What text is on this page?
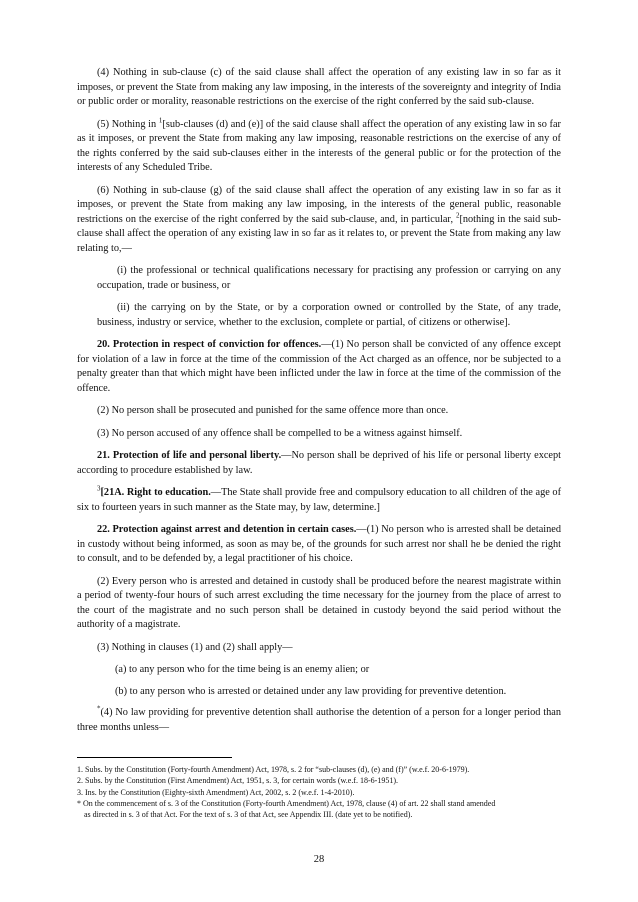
(4) Nothing in sub-clause (c) of the said clause shall affect the operation of any existing law in so far as it imposes, or prevent the State from making any law imposing, in the interests of the sovereignty and integrity of India or public order or morality, reasonable restrictions on the exercise of the right conferred by the said sub-clause.

(5) Nothing in $^1$[sub-clauses (d) and (e)] of the said clause shall affect the operation of any existing law in so far as it imposes, or prevent the State from making any law imposing, reasonable restrictions on the exercise of any of the rights conferred by the said sub-clauses either in the interests of the general public or for the protection of the interests of any Scheduled Tribe.

(6) Nothing in sub-clause (g) of the said clause shall affect the operation of any existing law in so far as it imposes, or prevent the State from making any law imposing, in the interests of the general public, reasonable restrictions on the exercise of the right conferred by the said sub-clause, and, in particular, $^2$[nothing in the said sub-clause shall affect the operation of any existing law in so far as it relates to, or prevent the State from making any law relating to,—

(i) the professional or technical qualifications necessary for practising any profession or carrying on any occupation, trade or business, or

(ii) the carrying on by the State, or by a corporation owned or controlled by the State, of any trade, business, industry or service, whether to the exclusion, complete or partial, of citizens or otherwise].

20. Protection in respect of conviction for offences.—(1) No person shall be convicted of any offence except for violation of a law in force at the time of the commission of the Act charged as an offence, nor be subjected to a penalty greater than that which might have been inflicted under the law in force at the time of the commission of the offence.

(2) No person shall be prosecuted and punished for the same offence more than once.

(3) No person accused of any offence shall be compelled to be a witness against himself.

21. Protection of life and personal liberty.—No person shall be deprived of his life or personal liberty except according to procedure established by law.

$^3$[21A. Right to education.—The State shall provide free and compulsory education to all children of the age of six to fourteen years in such manner as the State may, by law, determine.]

22. Protection against arrest and detention in certain cases.—(1) No person who is arrested shall be detained in custody without being informed, as soon as may be, of the grounds for such arrest nor shall he be denied the right to consult, and to be defended by, a legal practitioner of his choice.

(2) Every person who is arrested and detained in custody shall be produced before the nearest magistrate within a period of twenty-four hours of such arrest excluding the time necessary for the journey from the place of arrest to the court of the magistrate and no such person shall be detained in custody beyond the said period without the authority of a magistrate.

(3) Nothing in clauses (1) and (2) shall apply—

(a) to any person who for the time being is an enemy alien; or

(b) to any person who is arrested or detained under any law providing for preventive detention.

*(4) No law providing for preventive detention shall authorise the detention of a person for a longer period than three months unless—

1. Subs. by the Constitution (Forty-fourth Amendment) Act, 1978, s. 2 for “sub-clauses (d), (e) and (f)” (w.e.f. 20-6-1979).

2. Subs. by the Constitution (First Amendment) Act, 1951, s. 3, for certain words (w.e.f. 18-6-1951).

3. Ins. by the Constitution (Eighty-sixth Amendment) Act, 2002, s. 2 (w.e.f. 1-4-2010).

* On the commencement of s. 3 of the Constitution (Forty-fourth Amendment) Act, 1978, clause (4) of art. 22 shall stand amended

as directed in s. 3 of that Act. For the text of s. 3 of that Act, see Appendix III. (date yet to be notified).

28
